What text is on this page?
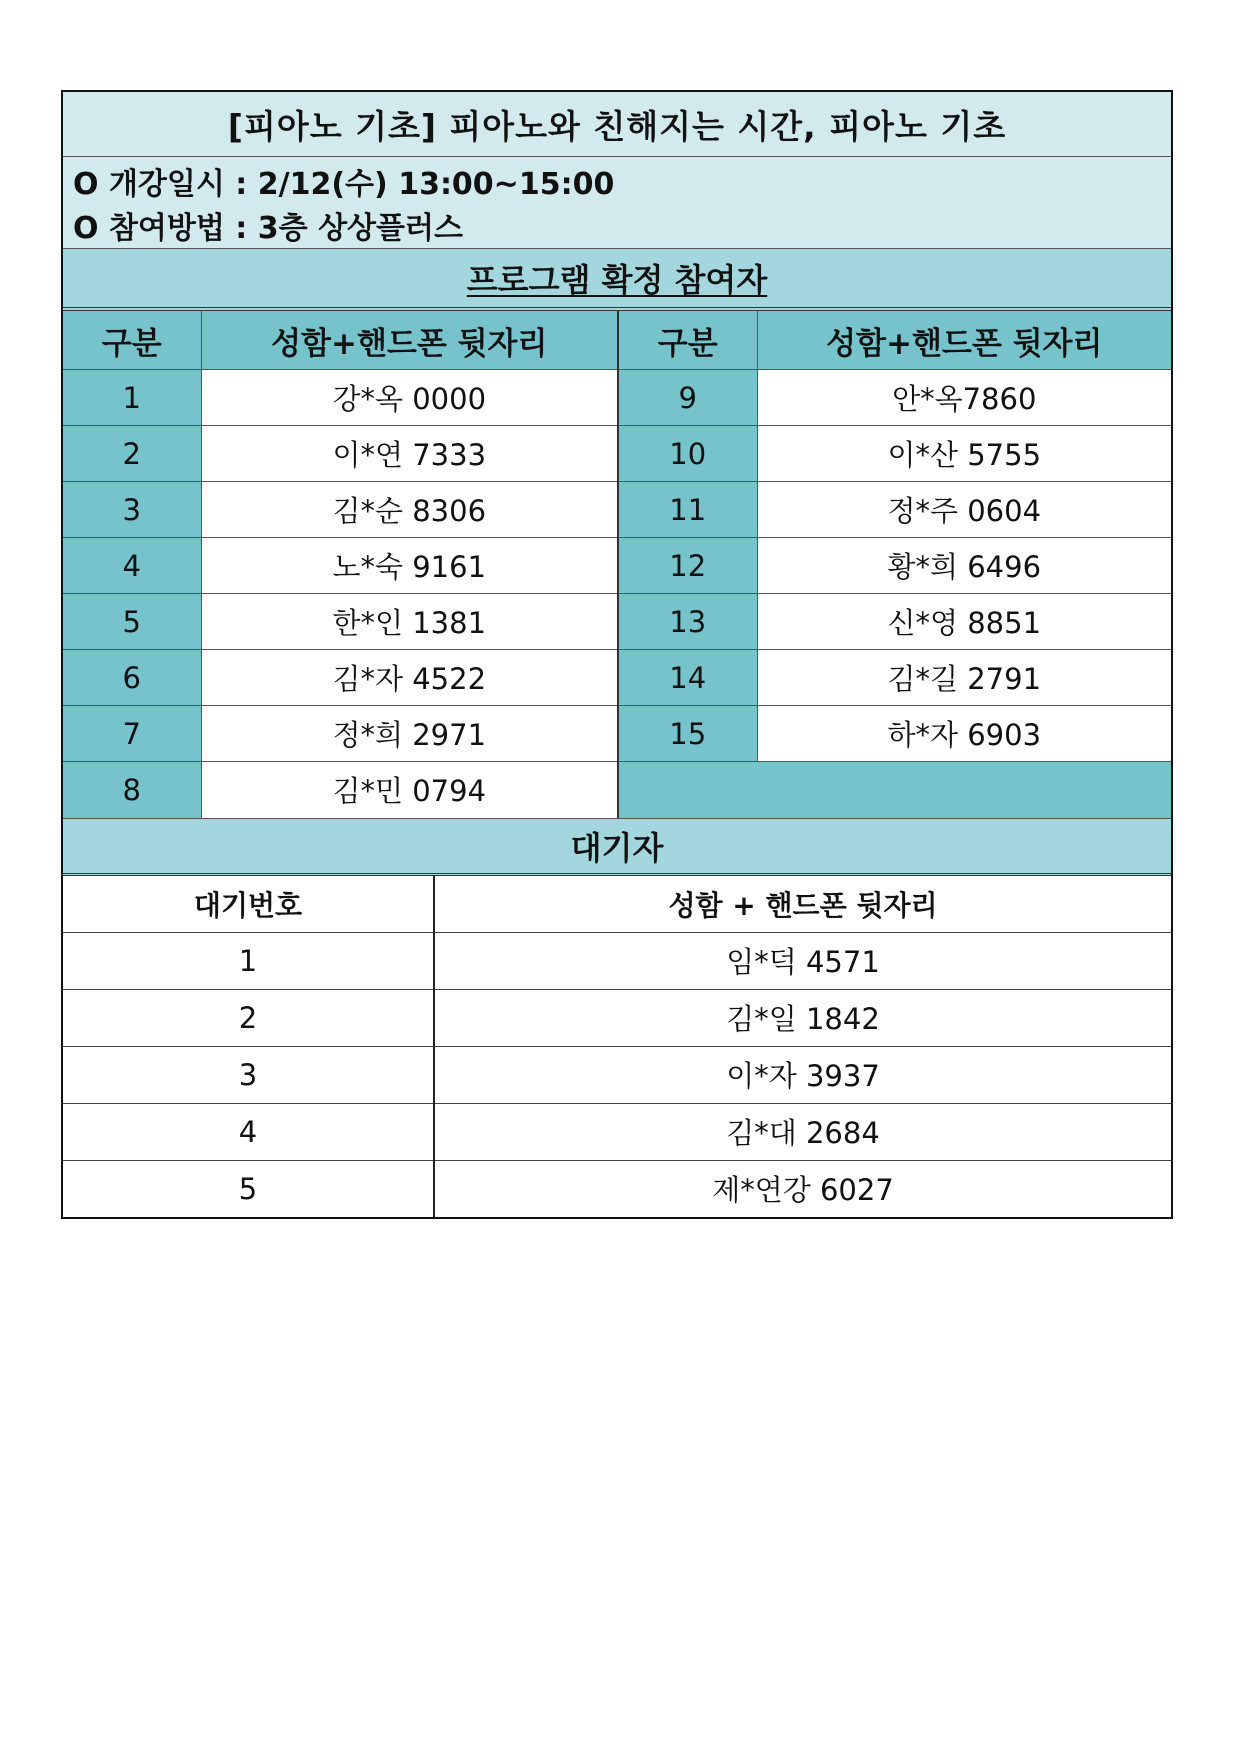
[피아노 기초] 피아노와 친해지는 시간, 피아노 기초
O 개강일시 : 2/12(수) 13:00~15:00
O 참여방법 : 3층 상상플러스
프로그램 확정 참여자
구분	성함+핸드폰 뒷자리	구분	성함+핸드폰 뒷자리
1	강*옥 0000	9	안*옥7860
2	이*연 7333	10	이*산 5755
3	김*순 8306	11	정*주 0604
4	노*숙 9161	12	황*희 6496
5	한*인 1381	13	신*영 8851
6	김*자 4522	14	김*길 2791
7	정*희 2971	15	하*자 6903
8	김*민 0794		
대기자
대기번호	성함 + 핸드폰 뒷자리
1	임*덕 4571
2	김*일 1842
3	이*자 3937
4	김*대 2684
5	제*연강 6027
